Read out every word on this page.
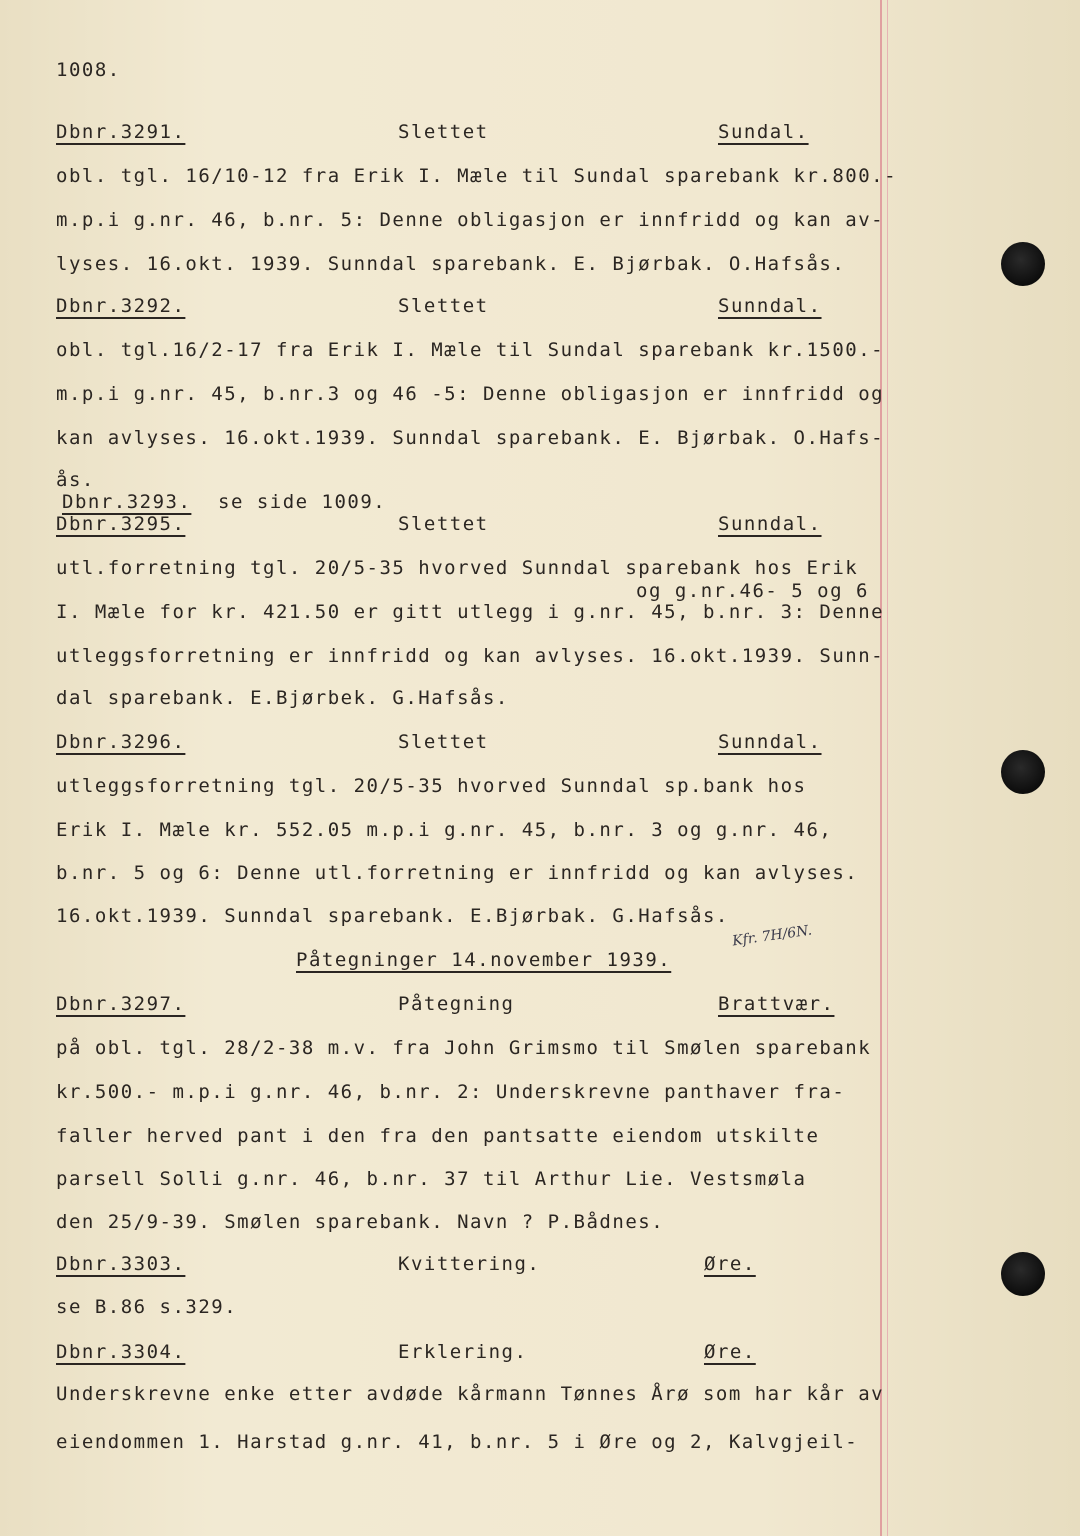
1008.
Dbnr.3291.	Slettet	Sundal.
obl. tgl. 16/10-12 fra Erik I. Mæle til Sundal sparebank kr.800.-
m.p.i g.nr. 46, b.nr. 5: Denne obligasjon er innfridd og kan av-
lyses. 16.okt. 1939. Sunndal sparebank. E. Bjørbak. O.Hafsås.
Dbnr.3292.	Slettet	Sunndal.
obl. tgl.16/2-17 fra Erik I. Mæle til Sundal sparebank kr.1500.-
m.p.i g.nr. 45, b.nr.3 og 46 -5: Denne obligasjon er innfridd og
kan avlyses. 16.okt.1939. Sunndal sparebank. E. Bjørbak. O.Hafs-
ås.
Dbnr.3293. se side 1009.
Dbnr.3295.	Slettet	Sunndal.
utl.forretning tgl. 20/5-35 hvorved Sunndal sparebank hos Erik
og g.nr.46- 5 og 6
I. Mæle for kr. 421.50 er gitt utlegg i g.nr. 45, b.nr. 3: Denne
utleggsforretning er innfridd og kan avlyses. 16.okt.1939. Sunn-
dal sparebank. E.Bjørbek. G.Hafsås.
Dbnr.3296.	Slettet	Sunndal.
utleggsforretning tgl. 20/5-35 hvorved Sunndal sp.bank hos
Erik I. Mæle kr. 552.05 m.p.i g.nr. 45, b.nr. 3 og g.nr. 46,
b.nr. 5 og 6: Denne utl.forretning er innfridd og kan avlyses.
16.okt.1939. Sunndal sparebank. E.Bjørbak. G.Hafsås.
Påtegninger 14.november 1939.
Kfr. 7H/6N.
Dbnr.3297.	Påtegning	Brattvær.
på obl. tgl. 28/2-38 m.v. fra John Grimsmo til Smølen sparebank
kr.500.- m.p.i g.nr. 46, b.nr. 2: Underskrevne panthaver fra-
faller herved pant i den fra den pantsatte eiendom utskilte
parsell Solli g.nr. 46, b.nr. 37 til Arthur Lie. Vestsmøla
den 25/9-39. Smølen sparebank. Navn ? P.Bådnes.
Dbnr.3303.	Kvittering.	Øre.
se B.86 s.329.
Dbnr.3304.	Erklering.	Øre.
Underskrevne enke etter avdøde kårmann Tønnes Årø som har kår av
eiendommen 1. Harstad g.nr. 41, b.nr. 5 i Øre og 2, Kalvgjeil-
